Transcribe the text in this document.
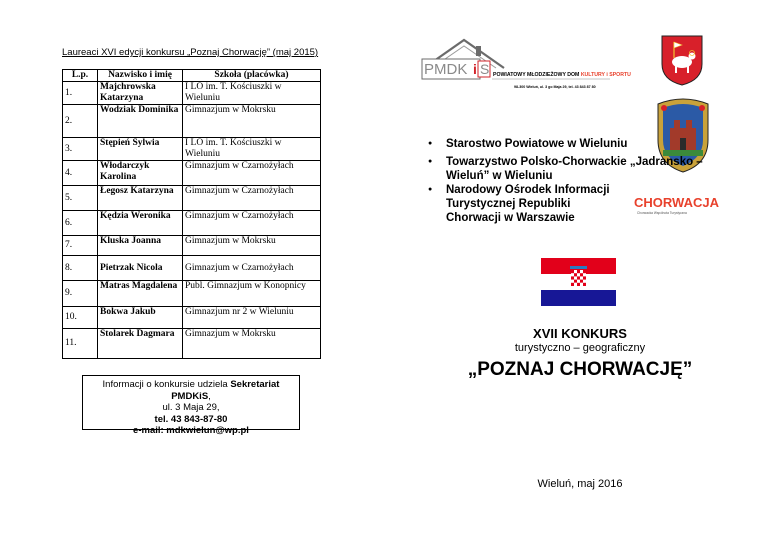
Laureaci XVI edycji konkursu „Poznaj Chorwację” (maj 2015)
L.p.	Nazwisko i imię	Szkoła (placówka)
1.	Majchrowska Katarzyna	I LO im. T. Kościuszki w Wieluniu
2.	Wodziak Dominika	Gimnazjum w Mokrsku
3.	Stępień Sylwia	I LO im. T. Kościuszki w Wieluniu
4.	Włodarczyk Karolina	Gimnazjum w Czarnożyłach
5.	Łegosz Katarzyna	Gimnazjum w Czarnożyłach
6.	Kędzia Weronika	Gimnazjum w Czarnożyłach
7.	Kluska Joanna	Gimnazjum w Mokrsku
8.	Pietrzak Nicola	Gimnazjum w Czarnożyłach
9.	Matras Magdalena	Publ. Gimnazjum w Konopnicy
10.	Bokwa Jakub	Gimnazjum nr 2 w Wieluniu
11.	Stolarek Dagmara	Gimnazjum w Mokrsku
Informacji o konkursie udziela Sekretariat PMDKiS,
ul. 3 Maja 29,
tel. 43 843-87-80
e-mail: mdkwielun@wp.pl
PMDK i S POWIATOWY MŁODZIEŻOWY DOM KULTURY i SPORTU
98-300 Wieluń, ul. 3 go Maja 29, tel. 43 843 87 80
● Starostwo Powiatowe w Wieluniu
● Towarzystwo Polsko-Chorwackie „Jadransko – Wieluń” w Wieluniu
● Narodowy Ośrodek Informacji Turystycznej Republiki Chorwacji w Warszawie
CHORWACJA
Chorwacka Wspólnota Turystyczna
XVII KONKURS
turystyczno – geograficzny
„POZNAJ CHORWACJĘ”
Wieluń, maj 2016
